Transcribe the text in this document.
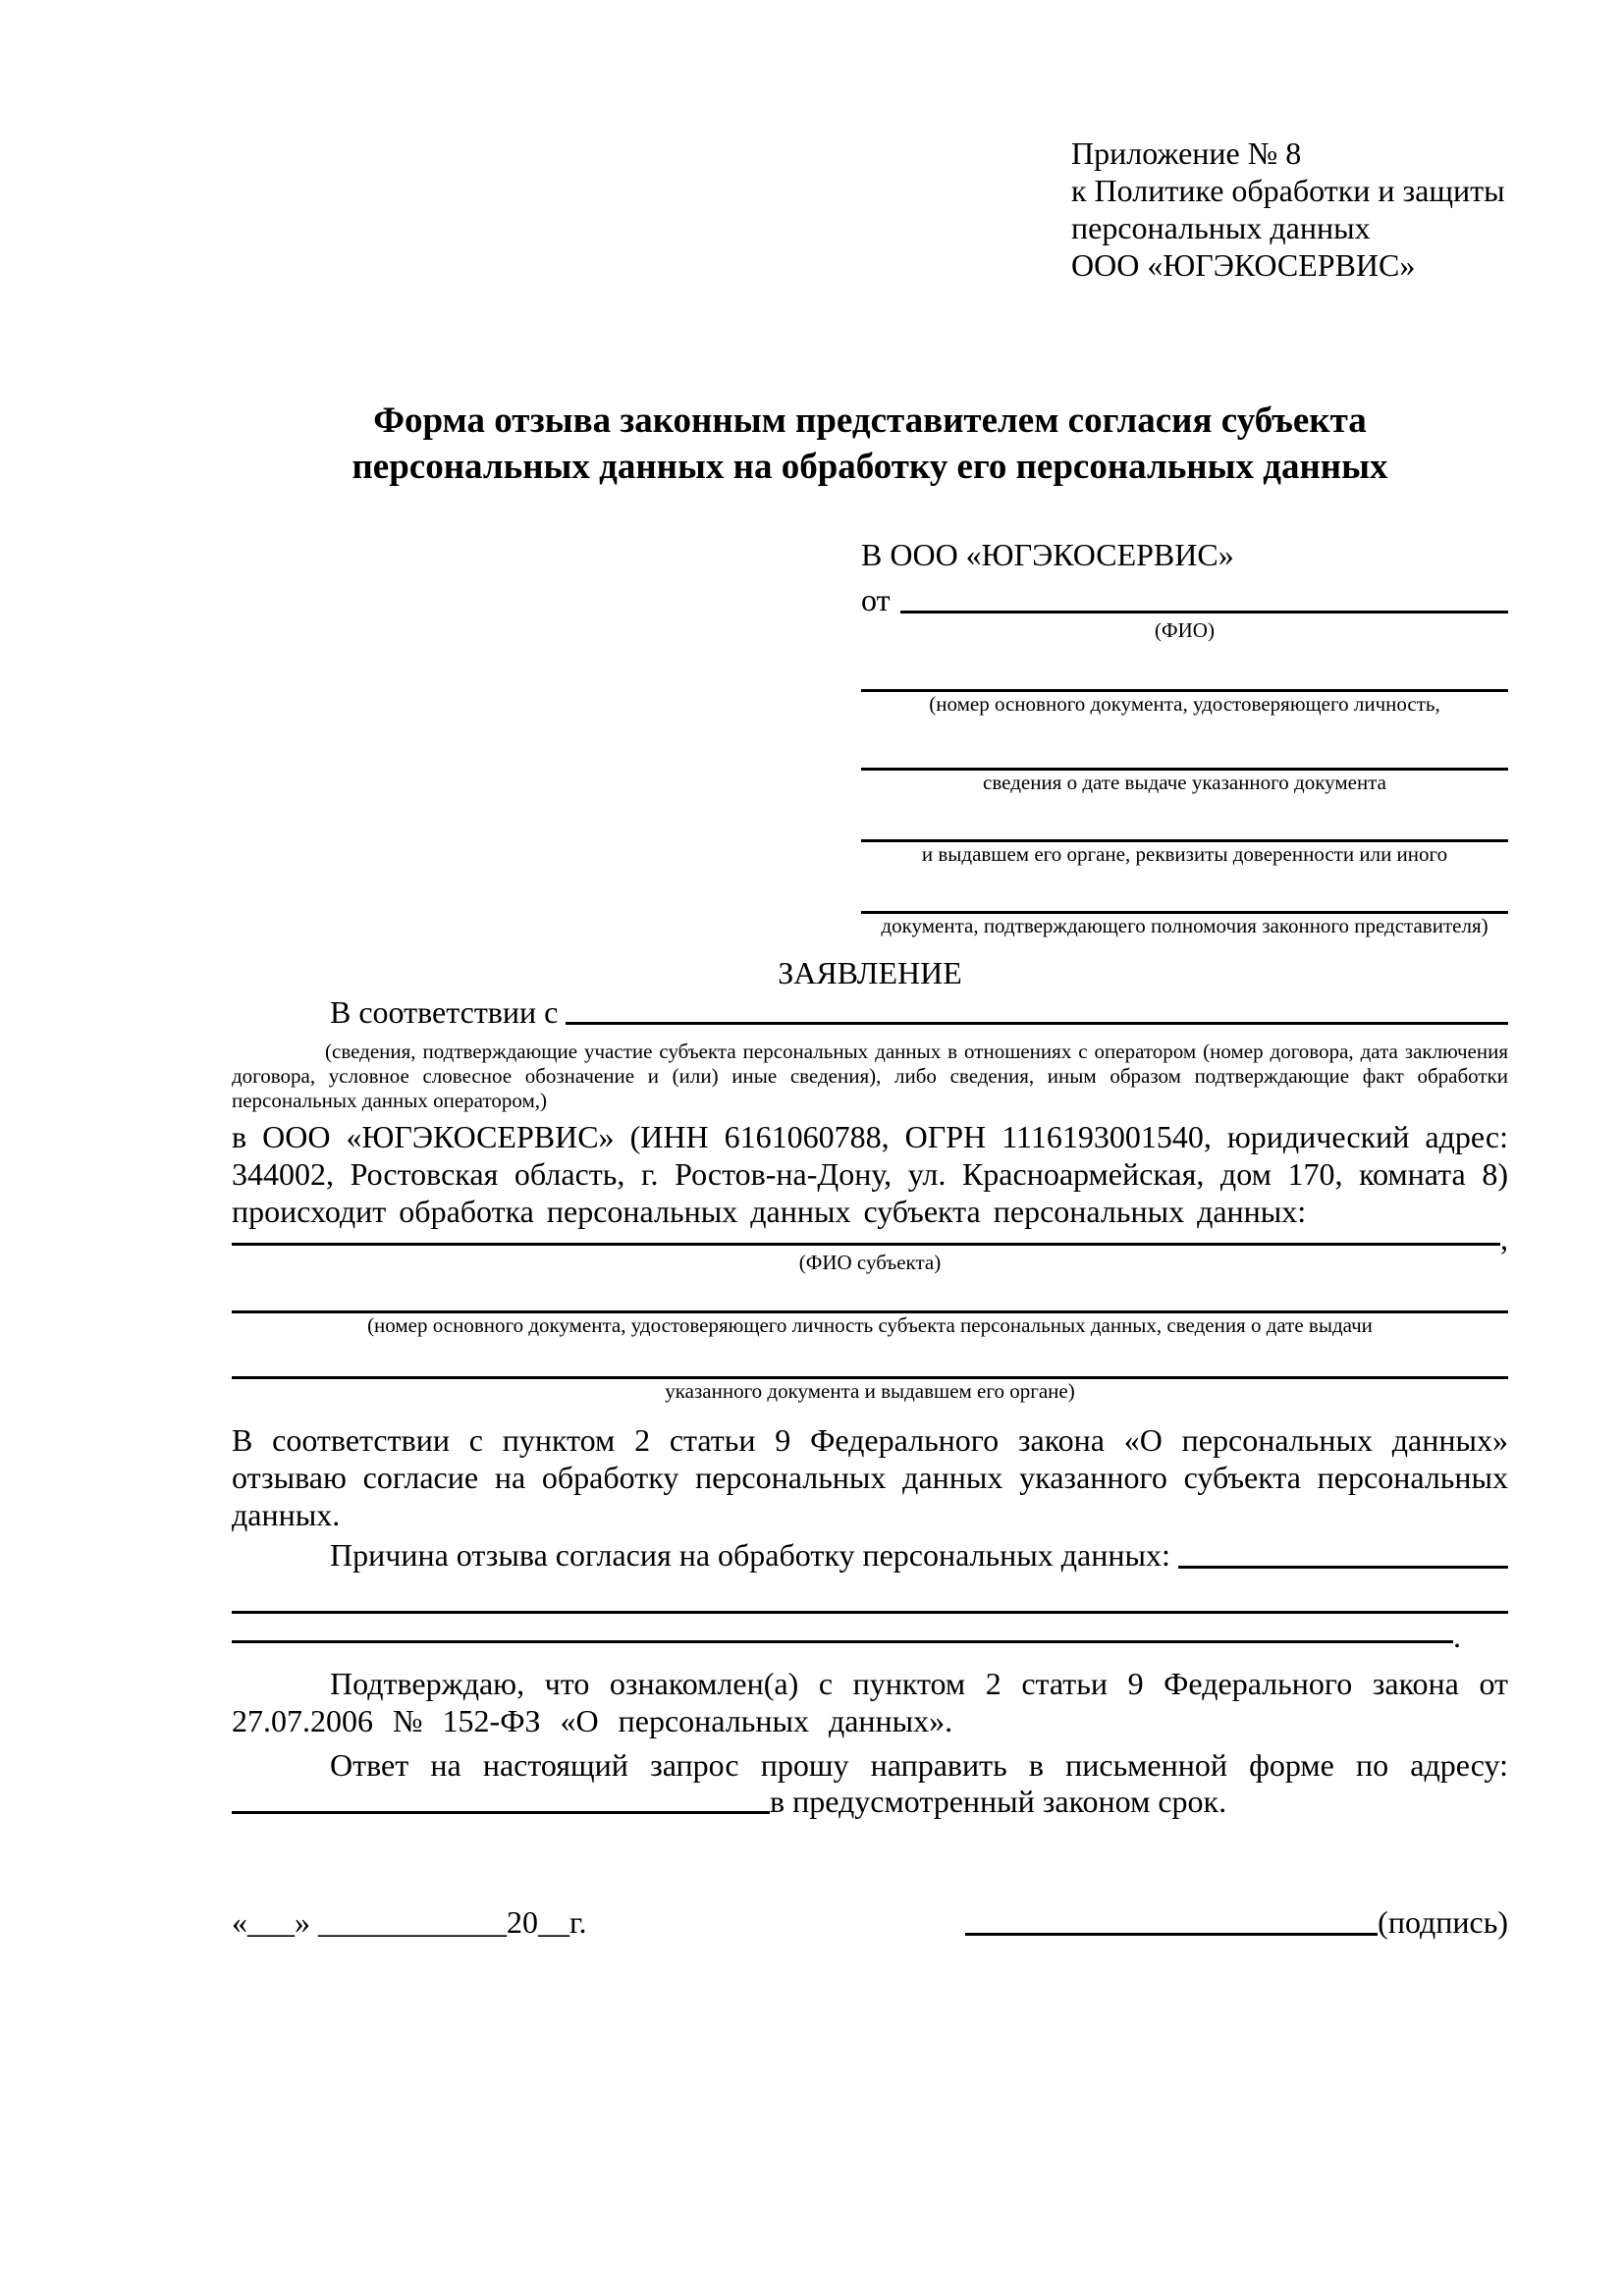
Приложение № 8
к Политике обработки и защиты
персональных данных
ООО «ЮГЭКОСЕРВИС»
Форма отзыва законным представителем согласия субъекта
персональных данных на обработку его персональных данных
В ООО «ЮГЭКОСЕРВИС»
от
(ФИО)
(номер основного документа, удостоверяющего личность,
сведения о дате выдаче указанного документа
и выдавшем его органе, реквизиты доверенности или иного
документа, подтверждающего полномочия законного представителя)
ЗАЯВЛЕНИЕ
В соответствии с
(сведения, подтверждающие участие субъекта персональных данных в отношениях с оператором (номер договора, дата заключения договора, условное словесное обозначение и (или) иные сведения), либо сведения, иным образом подтверждающие факт обработки персональных данных оператором,)
в ООО «ЮГЭКОСЕРВИС» (ИНН 6161060788, ОГРН 1116193001540, юридический адрес: 344002, Ростовская область, г. Ростов-на-Дону, ул. Красноармейская, дом 170, комната 8) происходит обработка персональных данных субъекта персональных данных:
,
(ФИО субъекта)
(номер основного документа, удостоверяющего личность субъекта персональных данных, сведения о дате выдачи
указанного документа и выдавшем его органе)
В соответствии с пунктом 2 статьи 9 Федерального закона «О персональных данных» отзываю согласие на обработку персональных данных указанного субъекта персональных данных.
Причина отзыва согласия на обработку персональных данных:
.
Подтверждаю, что ознакомлен(а) с пунктом 2 статьи 9 Федерального закона от 27.07.2006 № 152-ФЗ «О персональных данных».
Ответ на настоящий запрос прошу направить в письменной форме по адресу:
в предусмотренный законом срок.
«___» ____________20__г.	(подпись)
